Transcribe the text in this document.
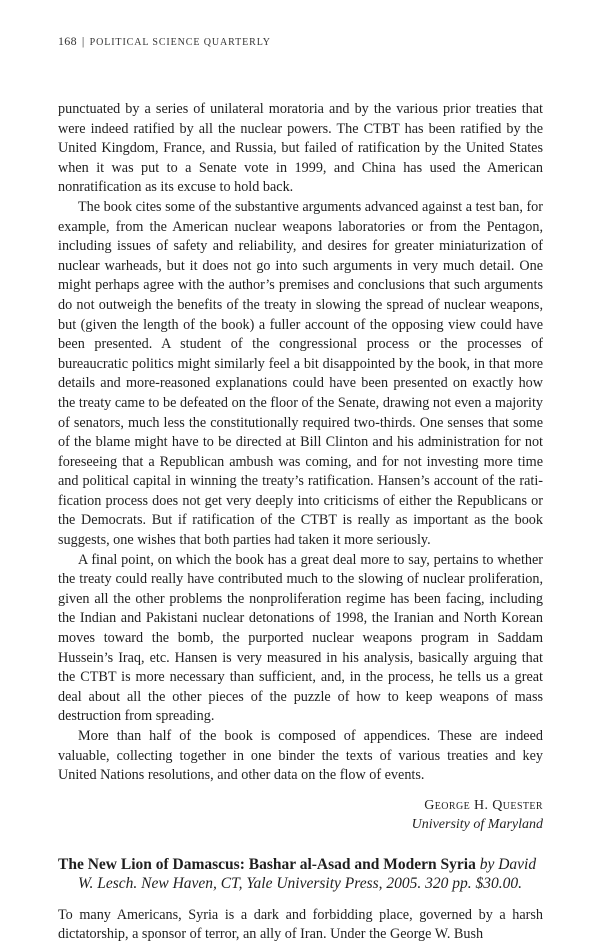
168 | POLITICAL SCIENCE QUARTERLY

punctuated by a series of unilateral moratoria and by the various prior treaties that were indeed ratified by all the nuclear powers. The CTBT has been ratified by the United Kingdom, France, and Russia, but failed of ratification by the United States when it was put to a Senate vote in 1999, and China has used the American nonratification as its excuse to hold back.

The book cites some of the substantive arguments advanced against a test ban, for example, from the American nuclear weapons laboratories or from the Pentagon, including issues of safety and reliability, and desires for greater miniaturization of nuclear warheads, but it does not go into such arguments in very much detail. One might perhaps agree with the author’s premises and conclusions that such arguments do not outweigh the benefits of the treaty in slowing the spread of nuclear weapons, but (given the length of the book) a fuller account of the opposing view could have been presented. A student of the congressional process or the processes of bureaucratic politics might similarly feel a bit disappointed by the book, in that more details and more-reasoned explanations could have been presented on exactly how the treaty came to be defeated on the floor of the Senate, drawing not even a majority of senators, much less the constitutionally required two-thirds. One senses that some of the blame might have to be directed at Bill Clinton and his administration for not foreseeing that a Republican ambush was coming, and for not investing more time and political capital in winning the treaty’s ratification. Hansen’s account of the ratification process does not get very deeply into criticisms of either the Republicans or the Democrats. But if ratification of the CTBT is really as important as the book suggests, one wishes that both parties had taken it more seriously.

A final point, on which the book has a great deal more to say, pertains to whether the treaty could really have contributed much to the slowing of nuclear proliferation, given all the other problems the nonproliferation regime has been facing, including the Indian and Pakistani nuclear detonations of 1998, the Iranian and North Korean moves toward the bomb, the purported nuclear weapons program in Saddam Hussein’s Iraq, etc. Hansen is very measured in his analysis, basically arguing that the CTBT is more necessary than sufficient, and, in the process, he tells us a great deal about all the other pieces of the puzzle of how to keep weapons of mass destruction from spreading.

More than half of the book is composed of appendices. These are indeed valuable, collecting together in one binder the texts of various treaties and key United Nations resolutions, and other data on the flow of events.

George H. Quester
University of Maryland
The New Lion of Damascus: Bashar al-Asad and Modern Syria by David W. Lesch. New Haven, CT, Yale University Press, 2005. 320 pp. $30.00.

To many Americans, Syria is a dark and forbidding place, governed by a harsh dictatorship, a sponsor of terror, an ally of Iran. Under the George W. Bush
